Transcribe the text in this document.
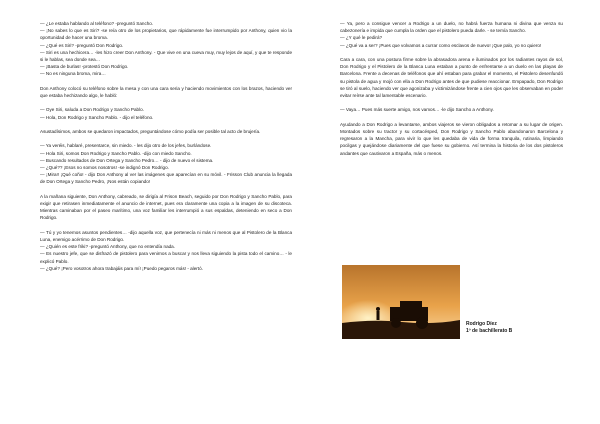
— ¿Le estaba hablando al teléfono? -preguntó Sancho.

— ¡No sabes lo que es Siri? -se reía otro de los propietarios, que rápidamente fue interrumpido por Anthony, quien vio la oportunidad de hacer una broma.

— ¿Qué es Siri? -preguntó Don Rodrigo.

— Siri es una hechicera… -les hizo creer Don Anthony. - Que vive en una cueva muy, muy lejos de aquí, y que te responde si le hablas, sea donde sea…

— ¡Basta de burlas! -protestó Don Rodrigo.

— No es ninguna broma, mira…

Don Anthony colocó su teléfono sobre la mesa y con una cara seria y haciendo movimientos con los brazos, haciendo ver que estaba hechizando algo, le habló:

— Oye Siri, saluda a Don Rodrigo y Sancho Pablo.

— Hola, Don Rodrigo y Sancho Pablo. - dijo el teléfono.

Asustadísimos, ambos se quedaron impactados, preguntándose cómo podía ser posible tal acto de brujería.

— Ya veréis, hablaré, presentarce, sin miedo. - les dijo otro de los jefes, burlándose.

— Hola Siri, somos Don Rodrigo y Sancho Pablo. -dijo con miedo Sancho.

— Buscando resultados de Don Ortega y Sancho Pedro… - dijo de nuevo el sistema.

— ¿Qué?? ¡Esos no somos nosotros! -se indignó Don Rodrigo.

— ¡Mira!! ¡Qué coño! - dijo Don Anthony al ver las imágenes que aparecían en su móvil. - Frisson Club anuncia la llegada de Don Ortega y Sancho Pedro, ¡Nos están copiando!

A la mañana siguiente, Don Anthony, cabreado, se dirigía al Frison Beach, seguido por Don Rodrigo y Sancho Pablo, para exigir que retirasen inmediatamente el anuncio de internet, pues era claramente una copia a la imagen de su discoteca. Mientras caminaban por el paseo marítimo, una voz familiar les interrumpió a sus espaldas, deteniendo en seco a Don Rodrigo.

— Tú y yo tenemos asuntos pendientes… -dijo aquella voz, que pertenecía ni más ni menos que al Pistolero de la Blanca Luna, enemigo acérrimo de Don Rodrigo.

— ¿Quién es este friki? -preguntó Anthony, que no entendía nada.

— Es nuestro jefe, que se disfrazó de pistolero para venirnos a buscar y nos lleva siguiendo la pista todo el camino… - le explicó Pablo.

— ¿Qué? ¡Pero vosotros ahora trabajáis para mí! ¡Puedo pegaros más! - alertó.

— Ya, pero a consigue vencer a Rodrigo a un duelo, no habrá fuerza humana ni divina que venza su cabezonería e impida que cumpla la orden que el pistolero pueda darle. - se temía Sancho.

— ¿Y qué le pedirá?

— ¿Qué va a ser? ¡Pues que volvamos a currar como esclavos de nuevo! ¡Que palo, yo no quiero!

Cara a cara, con una postura firme sobre la abrasadora arena e iluminados por los radiantes rayos de sol, Don Rodrigo y el Pistolero de la Blanca Luna estaban a punto de enfrentarse a un duelo en las playas de Barcelona. Frente a decenas de teléfonos que ahí estaban para grabar el momento, el Pistolero desenfundó su pistola de agua y mojó con ella a Don Rodrigo antes de que pudiese reaccionar. Empapado, Don Rodrigo se tiró al suelo, haciendo ver que agonizaba y victimizándose frente a cien ojos que les observaban en poder evitar reírse ante tal lamentable escenario.

— Vaya… Pues más suerte amigo, nos vamos… -le dijo Sancho a Anthony.

Ayudando a Don Rodrigo a levantarse, ambos viajeros se vieron obligados a retomar a su lugar de origen. Montados sobre su tractor y su cortacésped, Don Rodrigo y Sancho Pablo abandonaron Barcelona y regresaron a la Mancha, para vivir lo que les quedaba de vida de forma tranquila, rutinaria, limpiando pocilgas y quejándose diariamente del que fuese su gobierno. Así termina la historia de los dos pistoleros andantes que cautivaron a España, más o menos.

Rodrigo Díez
1º de bachillerato B
